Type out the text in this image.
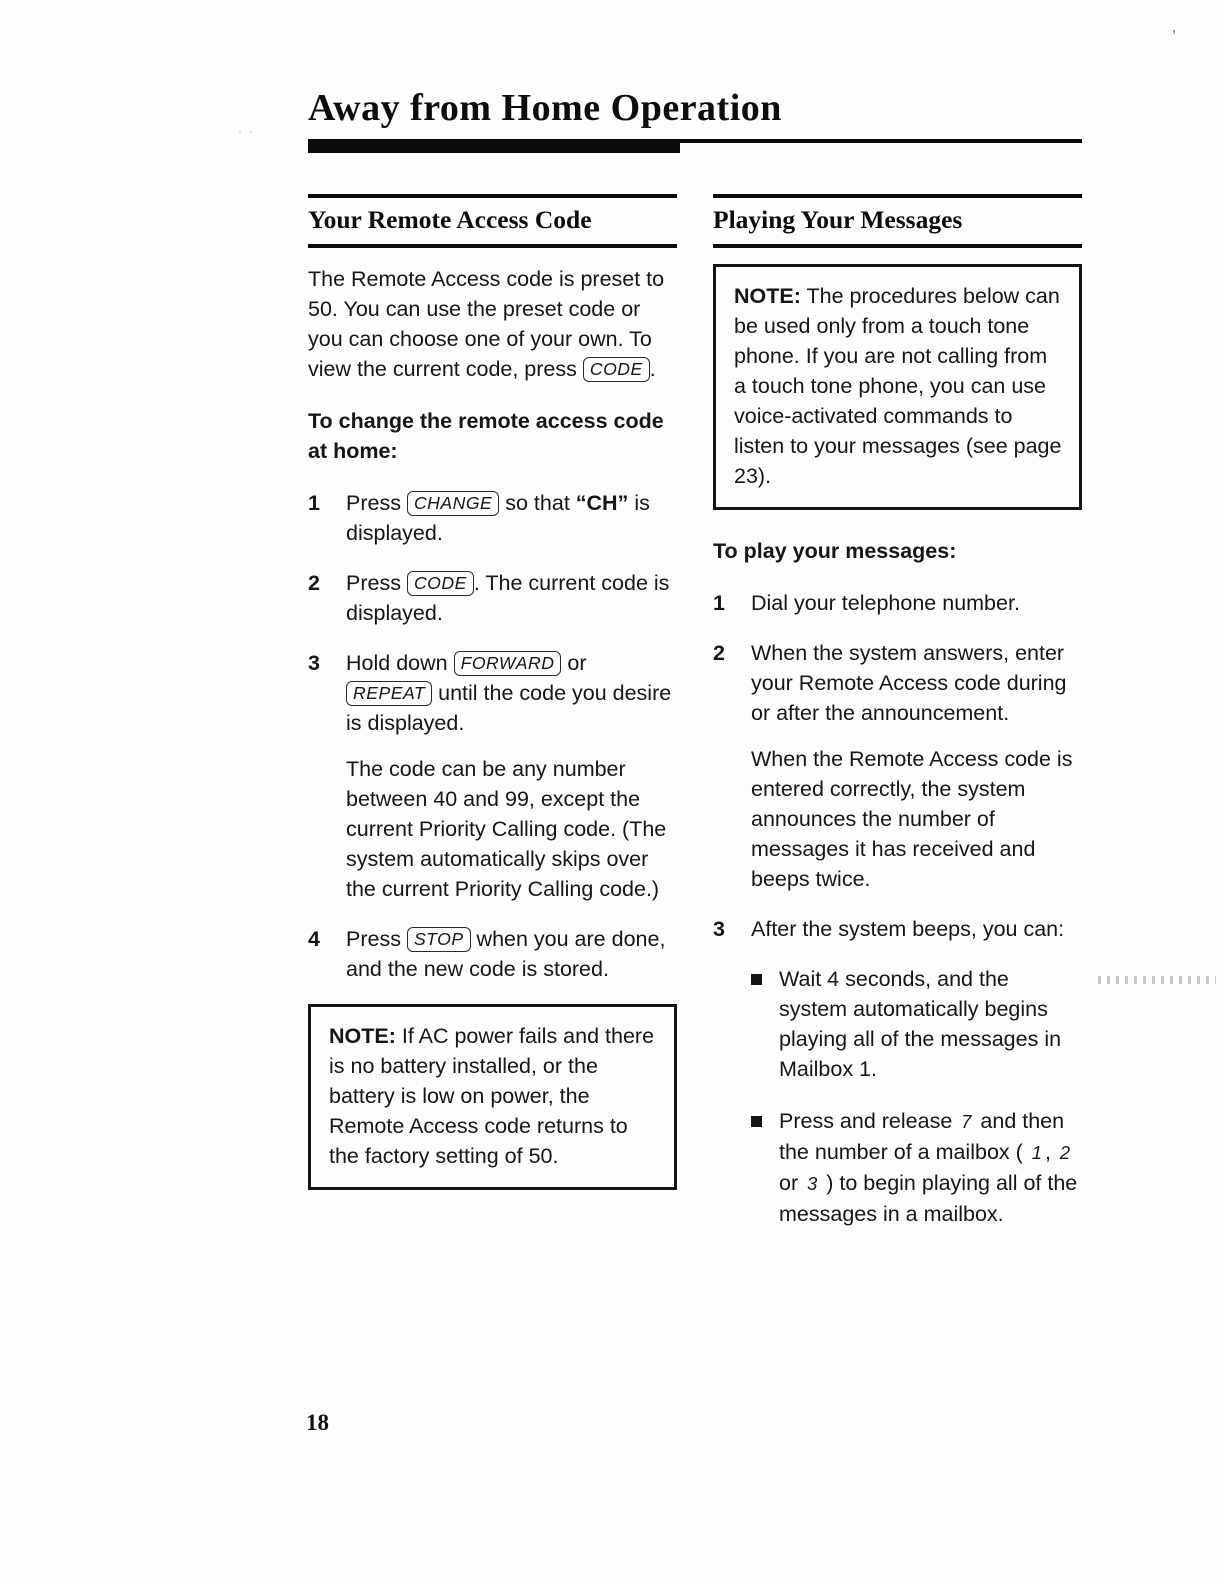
’
· ·
Away from Home Operation
Your Remote Access Code

The Remote Access code is preset to 50. You can use the preset code or you can choose one of your own. To view the current code, press CODE .

To change the remote access code at home:

1	Press CHANGE so that “CH” is displayed.
2	Press CODE . The current code is displayed.
3	Hold down FORWARD or REPEAT until the code you desire is displayed.

The code can be any number between 40 and 99, except the current Priority Calling code. (The system automatically skips over the current Priority Calling code.)

4	Press STOP when you are done, and the new code is stored.

NOTE: If AC power fails and there is no battery installed, or the battery is low on power, the Remote Access code returns to the factory setting of 50.

Playing Your Messages

NOTE: The procedures below can be used only from a touch tone phone. If you are not calling from a touch tone phone, you can use voice-activated commands to listen to your messages (see page 23).

To play your messages:

1	Dial your telephone number.
2	When the system answers, enter your Remote Access code during or after the announcement.

When the Remote Access code is entered correctly, the system announces the number of messages it has received and beeps twice.

3	After the system beeps, you can:
Wait 4 seconds, and the system automatically begins playing all of the messages in Mailbox 1.
Press and release 7 and then the number of a mailbox ( 1 , 2 or 3 ) to begin playing all of the messages in a mailbox.
18
